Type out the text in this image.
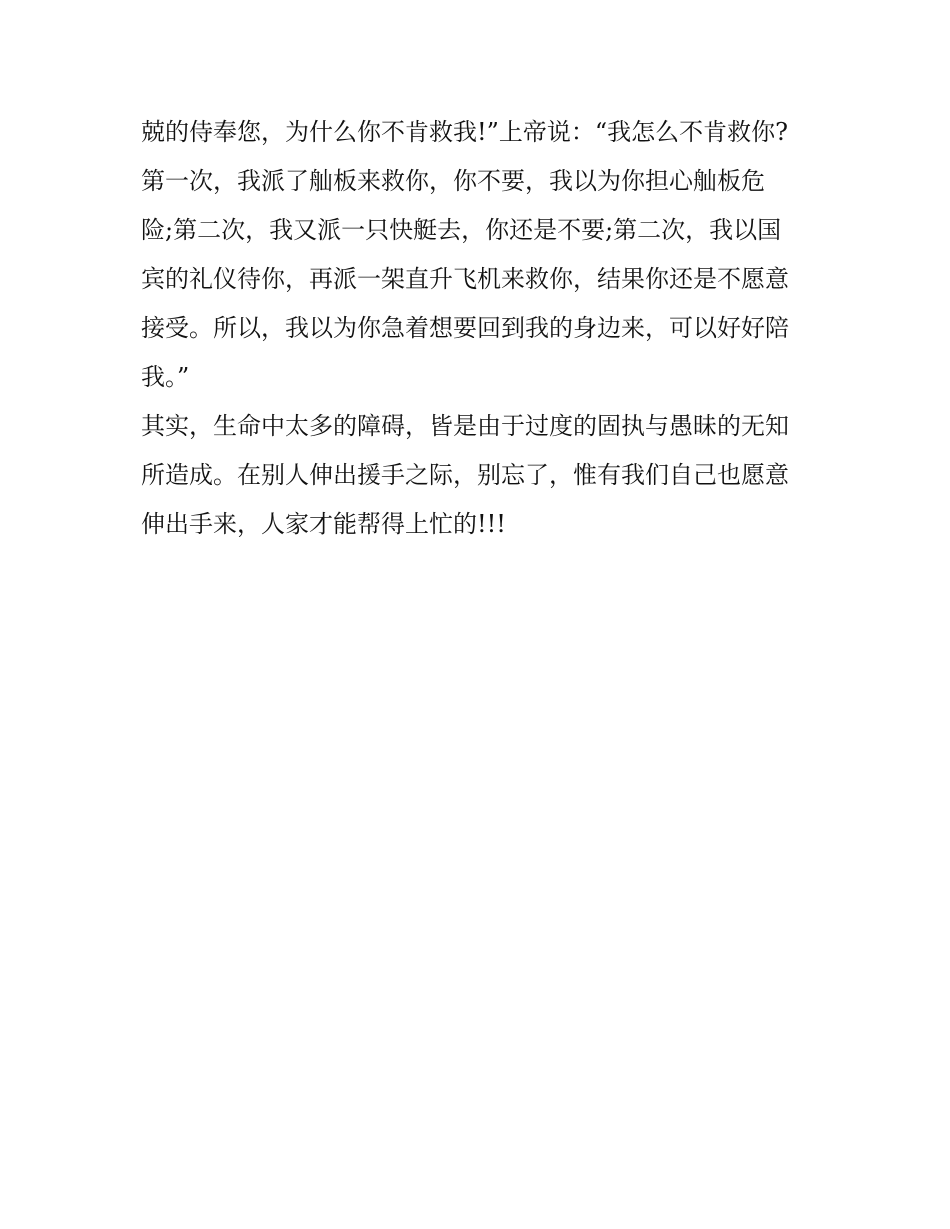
兢的侍奉您，为什么你不肯救我!”上帝说：“我怎么不肯救你?
第一次，我派了舢板来救你，你不要，我以为你担心舢板危
险;第二次，我又派一只快艇去，你还是不要;第二次，我以国
宾的礼仪待你，再派一架直升飞机来救你，结果你还是不愿意
接受。所以，我以为你急着想要回到我的身边来，可以好好陪
我。”
其实，生命中太多的障碍，皆是由于过度的固执与愚昧的无知
所造成。在别人伸出援手之际，别忘了，惟有我们自己也愿意
伸出手来，人家才能帮得上忙的!!!
